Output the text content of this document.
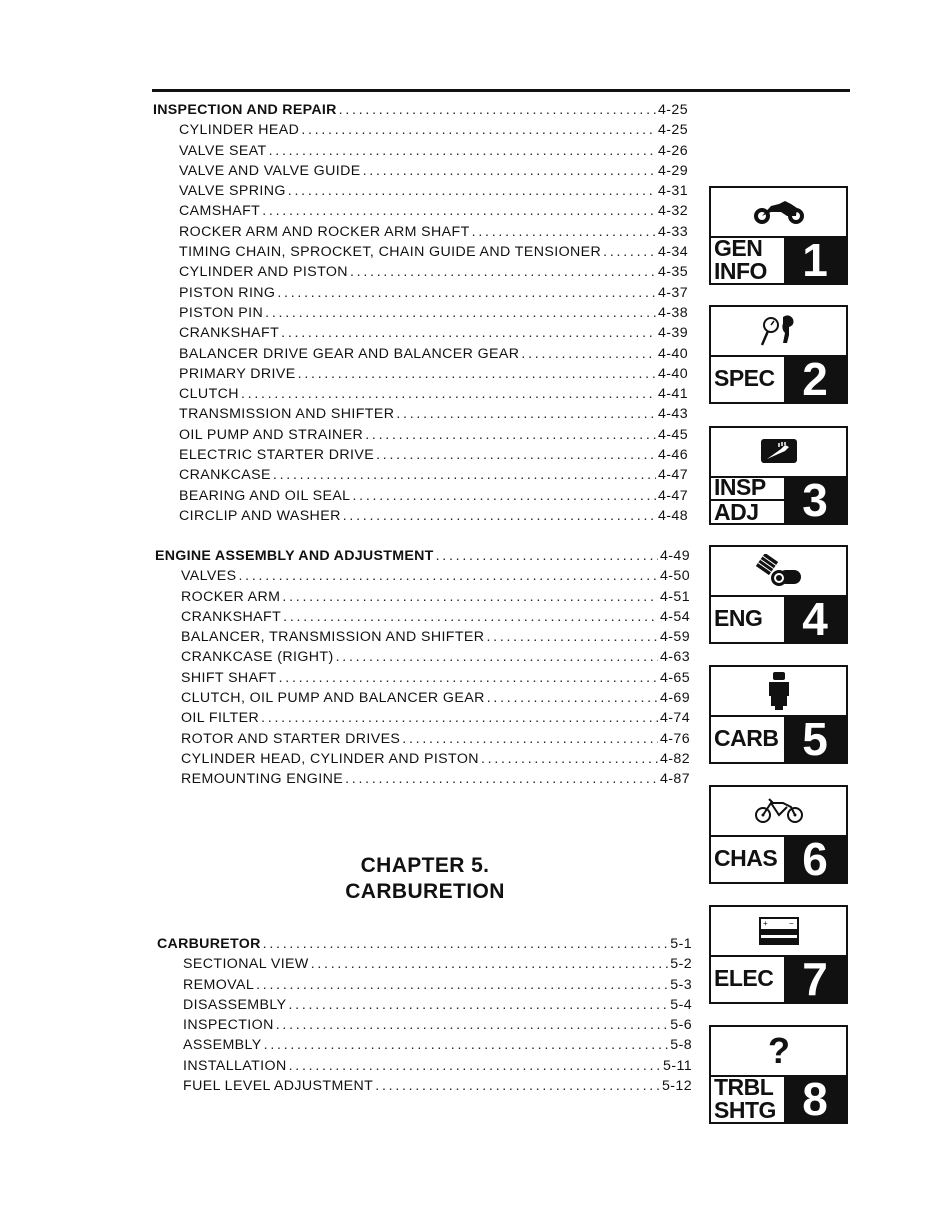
INSPECTION AND REPAIR . . .	4-25
CYLINDER HEAD . . .	4-25
VALVE SEAT . . .	4-26
VALVE AND VALVE GUIDE . . .	4-29
VALVE SPRING . . .	4-31
CAMSHAFT . . .	4-32
ROCKER ARM AND ROCKER ARM SHAFT . . .	4-33
TIMING CHAIN, SPROCKET, CHAIN GUIDE AND TENSIONER . . .	4-34
CYLINDER AND PISTON . . .	4-35
PISTON RING . . .	4-37
PISTON PIN . . .	4-38
CRANKSHAFT . . .	4-39
BALANCER DRIVE GEAR AND BALANCER GEAR . . .	4-40
PRIMARY DRIVE . . .	4-40
CLUTCH . . .	4-41
TRANSMISSION AND SHIFTER . . .	4-43
OIL PUMP AND STRAINER . . .	4-45
ELECTRIC STARTER DRIVE . . .	4-46
CRANKCASE . . .	4-47
BEARING AND OIL SEAL . . .	4-47
CIRCLIP AND WASHER . . .	4-48
ENGINE ASSEMBLY AND ADJUSTMENT . . .	4-49
VALVES . . .	4-50
ROCKER ARM . . .	4-51
CRANKSHAFT . . .	4-54
BALANCER, TRANSMISSION AND SHIFTER . . .	4-59
CRANKCASE (RIGHT) . . .	4-63
SHIFT SHAFT . . .	4-65
CLUTCH, OIL PUMP AND BALANCER GEAR . . .	4-69
OIL FILTER . . .	4-74
ROTOR AND STARTER DRIVES . . .	4-76
CYLINDER HEAD, CYLINDER AND PISTON . . .	4-82
REMOUNTING ENGINE . . .	4-87
CHAPTER 5.
CARBURETION
CARBURETOR . . .	5-1
SECTIONAL VIEW . . .	5-2
REMOVAL . . .	5-3
DISASSEMBLY . . .	5-4
INSPECTION . . .	5-6
ASSEMBLY . . .	5-8
INSTALLATION . . .	5-11
FUEL LEVEL ADJUSTMENT . . .	5-12
GEN
INFO 1
SPEC 2
INSP
ADJ 3
ENG 4
CARB 5
CHAS 6
+	−
ELEC 7
?
TRBL
SHTG 8
